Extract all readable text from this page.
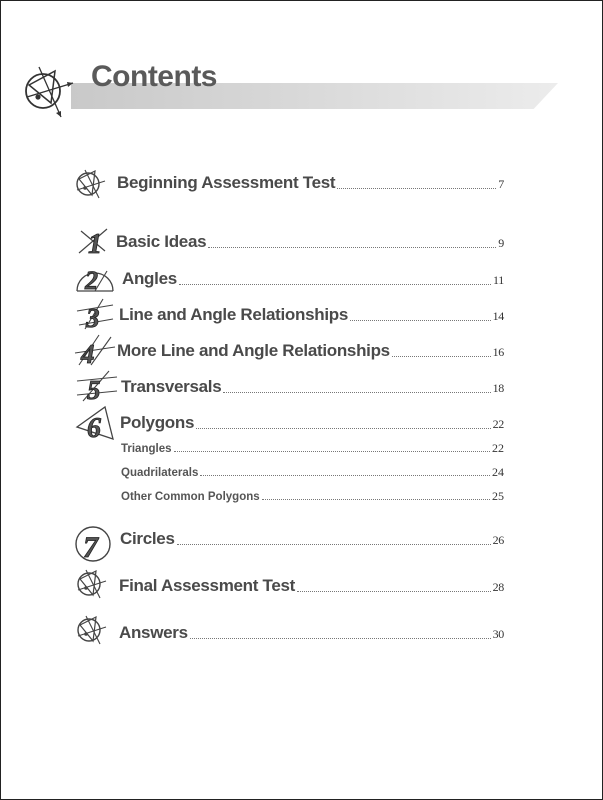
Contents
Beginning Assessment Test	7
1 Basic Ideas	9
2 Angles	11
3 Line and Angle Relationships	14
4 More Line and Angle Relationships	16
5 Transversals	18
6 Polygons	22
Triangles	22
Quadrilaterals	24
Other Common Polygons	25
7 Circles	26
Final Assessment Test	28
Answers	30
